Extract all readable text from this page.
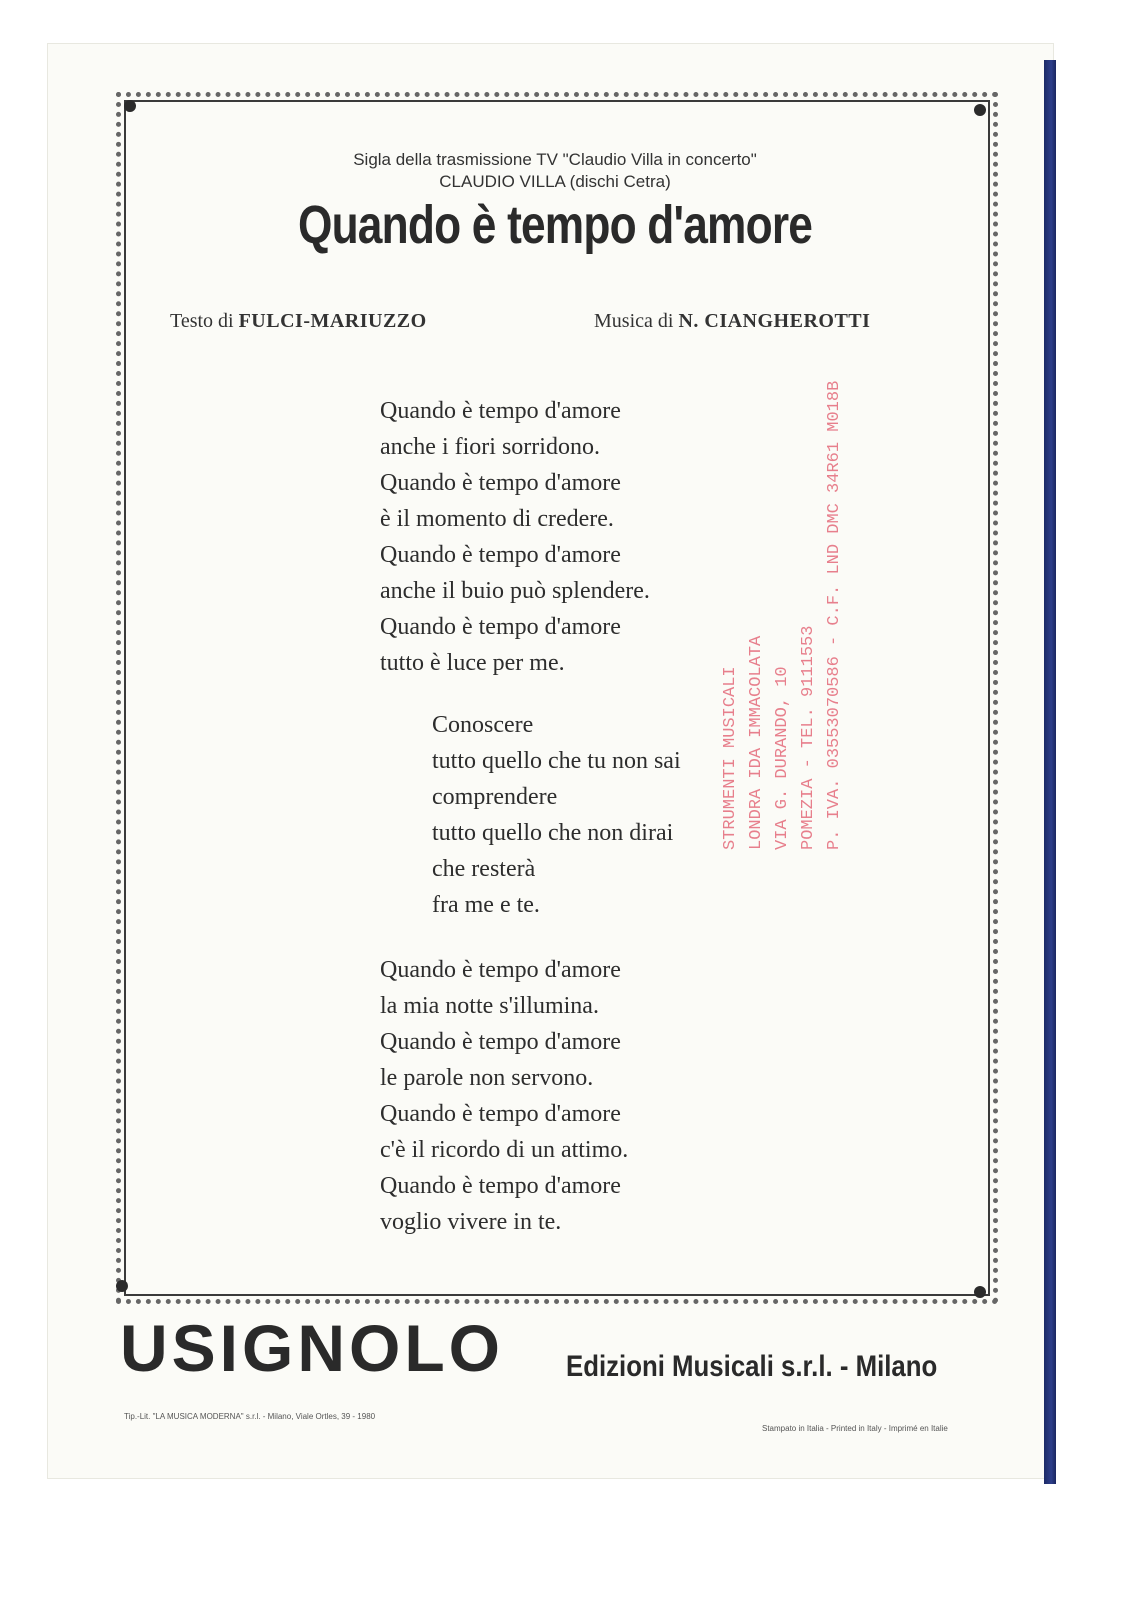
Sigla della trasmissione TV "Claudio Villa in concerto"
CLAUDIO VILLA (dischi Cetra)
Quando è tempo d'amore
Testo di FULCI-MARIUZZO	Musica di N. CIANGHEROTTI
Quando è tempo d'amore
anche i fiori sorridono.
Quando è tempo d'amore
è il momento di credere.
Quando è tempo d'amore
anche il buio può splendere.
Quando è tempo d'amore
tutto è luce per me.
Conoscere
tutto quello che tu non sai
comprendere
tutto quello che non dirai
che resterà
fra me e te.
Quando è tempo d'amore
la mia notte s'illumina.
Quando è tempo d'amore
le parole non servono.
Quando è tempo d'amore
c'è il ricordo di un attimo.
Quando è tempo d'amore
voglio vivere in te.
STRUMENTI MUSICALI LONDRA IDA IMMACOLATA VIA G. DURANDO, 10 POMEZIA - TEL. 9111553 P. IVA. 03553070586 - C.F. LND DMC 34R61 M018B
USIGNOLO Edizioni Musicali s.r.l. - Milano
Tip.-Lit. "LA MUSICA MODERNA" s.r.l. - Milano, Viale Ortles, 39 - 1980
Stampato in Italia - Printed in Italy - Imprimé en Italie
